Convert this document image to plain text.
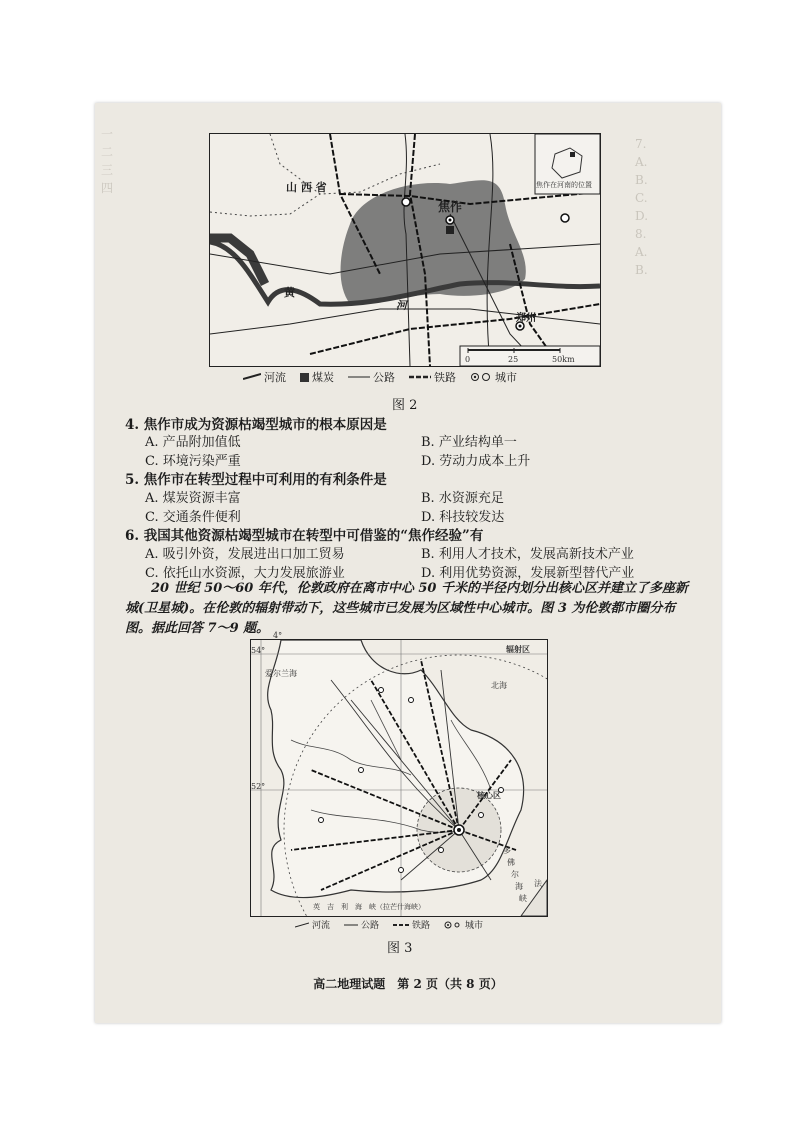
一
二
三
四
7.
A.
B.
C.
D.
8.
A.
B.
山 西 省
焦作
黄
河
郑州
焦作在河南的位置
0	25	50km
河流 煤炭	公路	铁路	城市
图 2
4. 焦作市成为资源枯竭型城市的根本原因是
A. 产品附加值低	B. 产业结构单一
C. 环境污染严重	D. 劳动力成本上升
5. 焦作市在转型过程中可利用的有利条件是
A. 煤炭资源丰富	B. 水资源充足
C. 交通条件便利	D. 科技较发达
6. 我国其他资源枯竭型城市在转型中可借鉴的“焦作经验”有
A. 吸引外资，发展进出口加工贸易	B. 利用人才技术，发展高新技术产业
C. 依托山水资源，大力发展旅游业	D. 利用优势资源，发展新型替代产业
20 世纪 50～60 年代，伦敦政府在离市中心 50 千米的半径内划分出核心区并建立了多座新城(卫星城)。在伦敦的辐射带动下，这些城市已发展为区域性中心城市。图 3 为伦敦都市圈分布图。据此回答 7～9 题。
54°
52°
爱尔兰海
北海
辐射区
核心区
多
佛
尔
海
峡
法
英　吉　利　海　峡（拉芒什海峡）
4°
河流	公路	铁路	城市
图 3
高二地理试题　第 2 页（共 8 页）
